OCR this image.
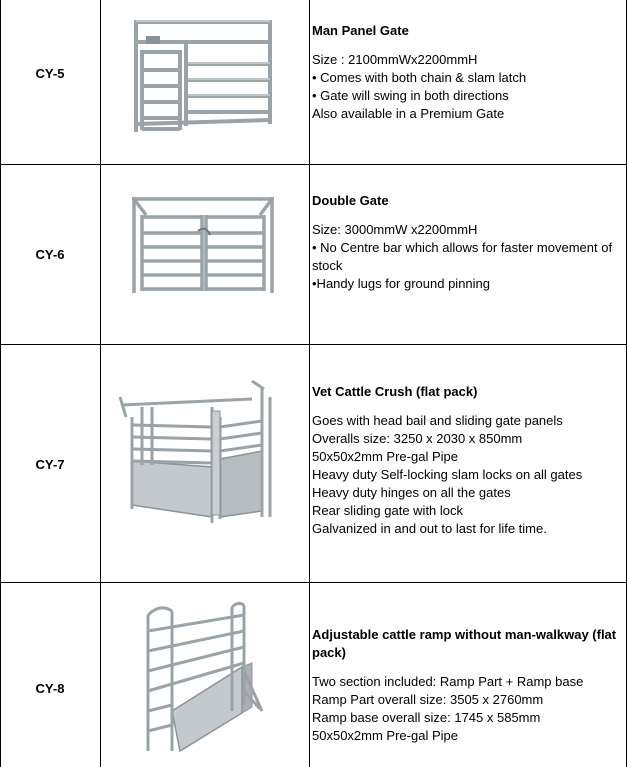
CY-5
Man Panel Gate
Size : 2100mmWx2200mmH
• Comes with both chain & slam latch
• Gate will swing in both directions
Also available in a Premium Gate
CY-6
Double Gate
Size: 3000mmW x2200mmH
• No Centre bar which allows for faster movement of stock
•Handy lugs for ground pinning
CY-7
Vet Cattle Crush (flat pack)
Goes with head bail and sliding gate panels
Overalls size: 3250 x 2030 x 850mm
50x50x2mm Pre-gal Pipe
Heavy duty Self-locking slam locks on all gates
Heavy duty hinges on all the gates
Rear sliding gate with lock
Galvanized in and out to last for life time.
CY-8
Adjustable cattle ramp without man-walkway (flat pack)
Two section included: Ramp Part + Ramp base
Ramp Part overall size: 3505 x 2760mm
Ramp base overall size: 1745 x 585mm
50x50x2mm Pre-gal Pipe
